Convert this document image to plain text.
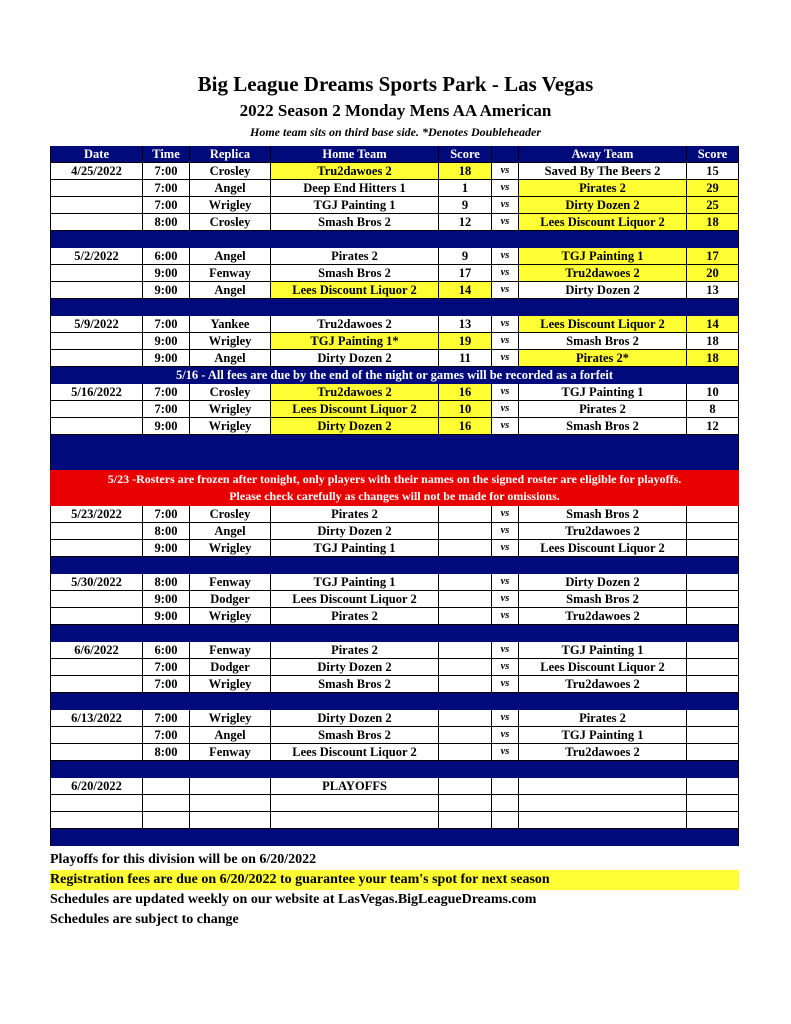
Big League Dreams Sports Park - Las Vegas
2022 Season 2 Monday Mens AA American
Home team sits on third base side. *Denotes Doubleheader
Date	Time	Replica	Home Team	Score	Away Team	Score
4/25/2022	7:00	Crosley	Tru2dawoes 2	18	vs	Saved By The Beers 2	15
7:00	Angel	Deep End Hitters 1	1	vs	Pirates 2	29
7:00	Wrigley	TGJ Painting 1	9	vs	Dirty Dozen 2	25
8:00	Crosley	Smash Bros 2	12	vs	Lees Discount Liquor 2	18
5/2/2022	6:00	Angel	Pirates 2	9	vs	TGJ Painting 1	17
9:00	Fenway	Smash Bros 2	17	vs	Tru2dawoes 2	20
9:00	Angel	Lees Discount Liquor 2	14	vs	Dirty Dozen 2	13
5/9/2022	7:00	Yankee	Tru2dawoes 2	13	vs	Lees Discount Liquor 2	14
9:00	Wrigley	TGJ Painting 1*	19	vs	Smash Bros 2	18
9:00	Angel	Dirty Dozen 2	11	vs	Pirates 2*	18
5/16 - All fees are due by the end of the night or games will be recorded as a forfeit
5/16/2022	7:00	Crosley	Tru2dawoes 2	16	vs	TGJ Painting 1	10
7:00	Wrigley	Lees Discount Liquor 2	10	vs	Pirates 2	8
9:00	Wrigley	Dirty Dozen 2	16	vs	Smash Bros 2	12
5/23 -Rosters are frozen after tonight, only players with their names on the signed roster are eligible for playoffs.
Please check carefully as changes will not be made for omissions.
5/23/2022	7:00	Crosley	Pirates 2	vs	Smash Bros 2
8:00	Angel	Dirty Dozen 2	vs	Tru2dawoes 2
9:00	Wrigley	TGJ Painting 1	vs	Lees Discount Liquor 2
5/30/2022	8:00	Fenway	TGJ Painting 1	vs	Dirty Dozen 2
9:00	Dodger	Lees Discount Liquor 2	vs	Smash Bros 2
9:00	Wrigley	Pirates 2	vs	Tru2dawoes 2
6/6/2022	6:00	Fenway	Pirates 2	vs	TGJ Painting 1
7:00	Dodger	Dirty Dozen 2	vs	Lees Discount Liquor 2
7:00	Wrigley	Smash Bros 2	vs	Tru2dawoes 2
6/13/2022	7:00	Wrigley	Dirty Dozen 2	vs	Pirates 2
7:00	Angel	Smash Bros 2	vs	TGJ Painting 1
8:00	Fenway	Lees Discount Liquor 2	vs	Tru2dawoes 2
6/20/2022	PLAYOFFS
Playoffs for this division will be on 6/20/2022
Registration fees are due on 6/20/2022 to guarantee your team's spot for next season
Schedules are updated weekly on our website at LasVegas.BigLeagueDreams.com
Schedules are subject to change
